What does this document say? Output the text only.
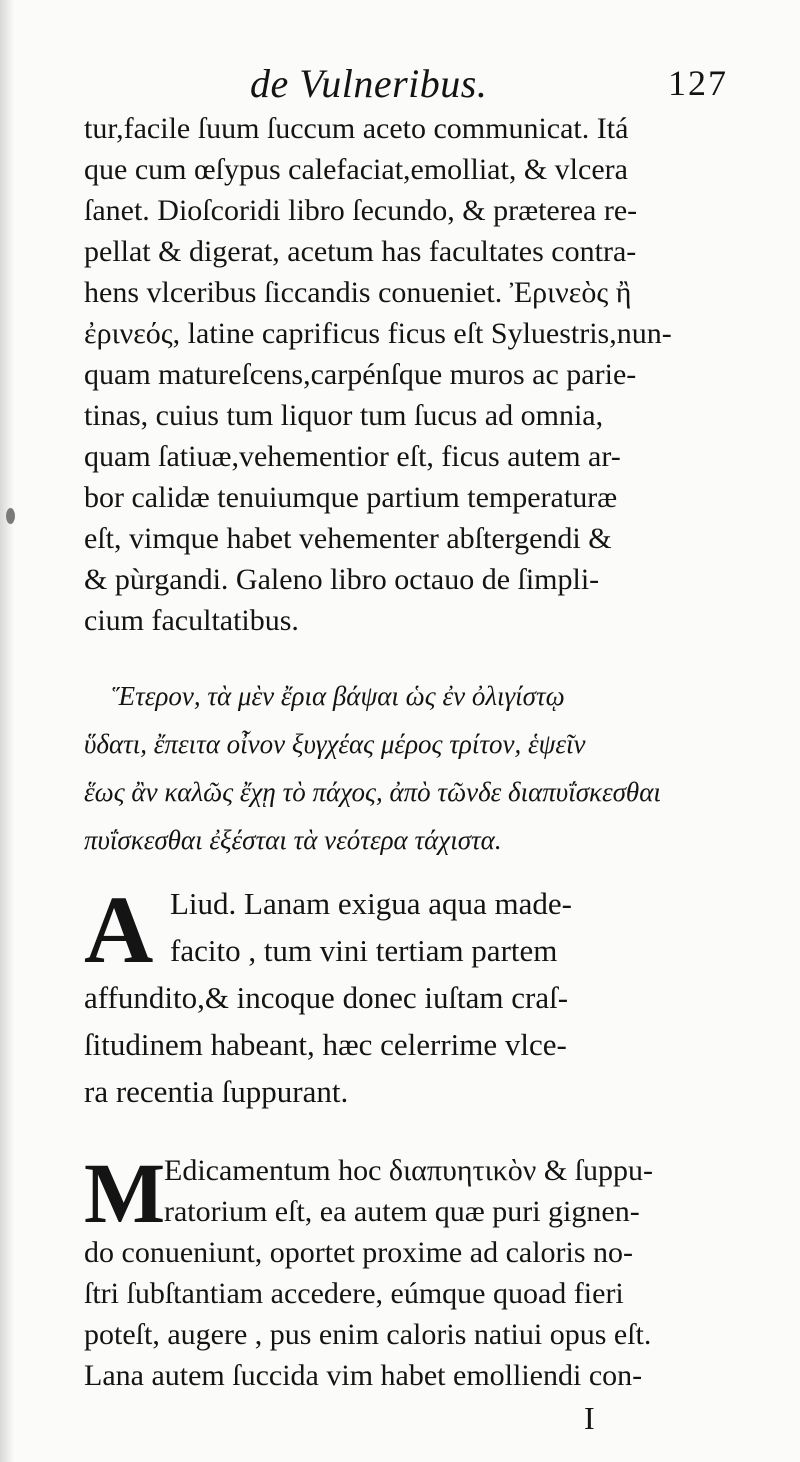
de Vulneribus.	127
tur,facile ſuum ſuccum aceto communicat. Itá
que cum œſypus calefaciat,emolliat, & vlcera
ſanet. Dioſcoridi libro ſecundo, & præterea re-
pellat & digerat, acetum has facultates contra-
hens vlceribus ſiccandis conueniet. Ἐρινεὸς ἢ
ἐρινεός, latine caprificus ficus eſt Syluestris,nun-
quam matureſcens,carpénſque muros ac parie-
tinas, cuius tum liquor tum ſucus ad omnia,
quam ſatiuæ,vehementior eſt, ficus autem ar-
bor calidæ tenuiumque partium temperaturæ
eſt, vimque habet vehementer abſtergendi &
& pùrgandi. Galeno libro octauo de ſimpli-
cium facultatibus.
Ἕτερον, τὰ μὲν ἔρια βάψαι ὡς ἐν ὀλιγίστῳ
ὕδατι, ἔπειτα οἶνον ξυγχέας μέρος τρίτον, ἑψεῖν
ἕως ἂν καλῶς ἔχῃ τὸ πάχος, ἀπὸ τῶνδε διαπυΐσκεσθαι
πυΐσκεσθαι ἐξέσται τὰ νεότερα τάχιστα.
A Liud. Lanam exigua aqua made-
facito , tum vini tertiam partem
affundito,& incoque donec iuſtam craſ-
ſitudinem habeant, hæc celerrime vlce-
ra recentia ſuppurant.
M
Edicamentum hoc διαπυητικὸν & ſuppu-
ratorium eſt, ea autem quæ puri gignen-
do conueniunt, oportet proxime ad caloris no-
ſtri ſubſtantiam accedere, eúmque quoad fieri
poteſt, augere , pus enim caloris natiui opus eſt.
Lana autem ſuccida vim habet emolliendi con-
I
